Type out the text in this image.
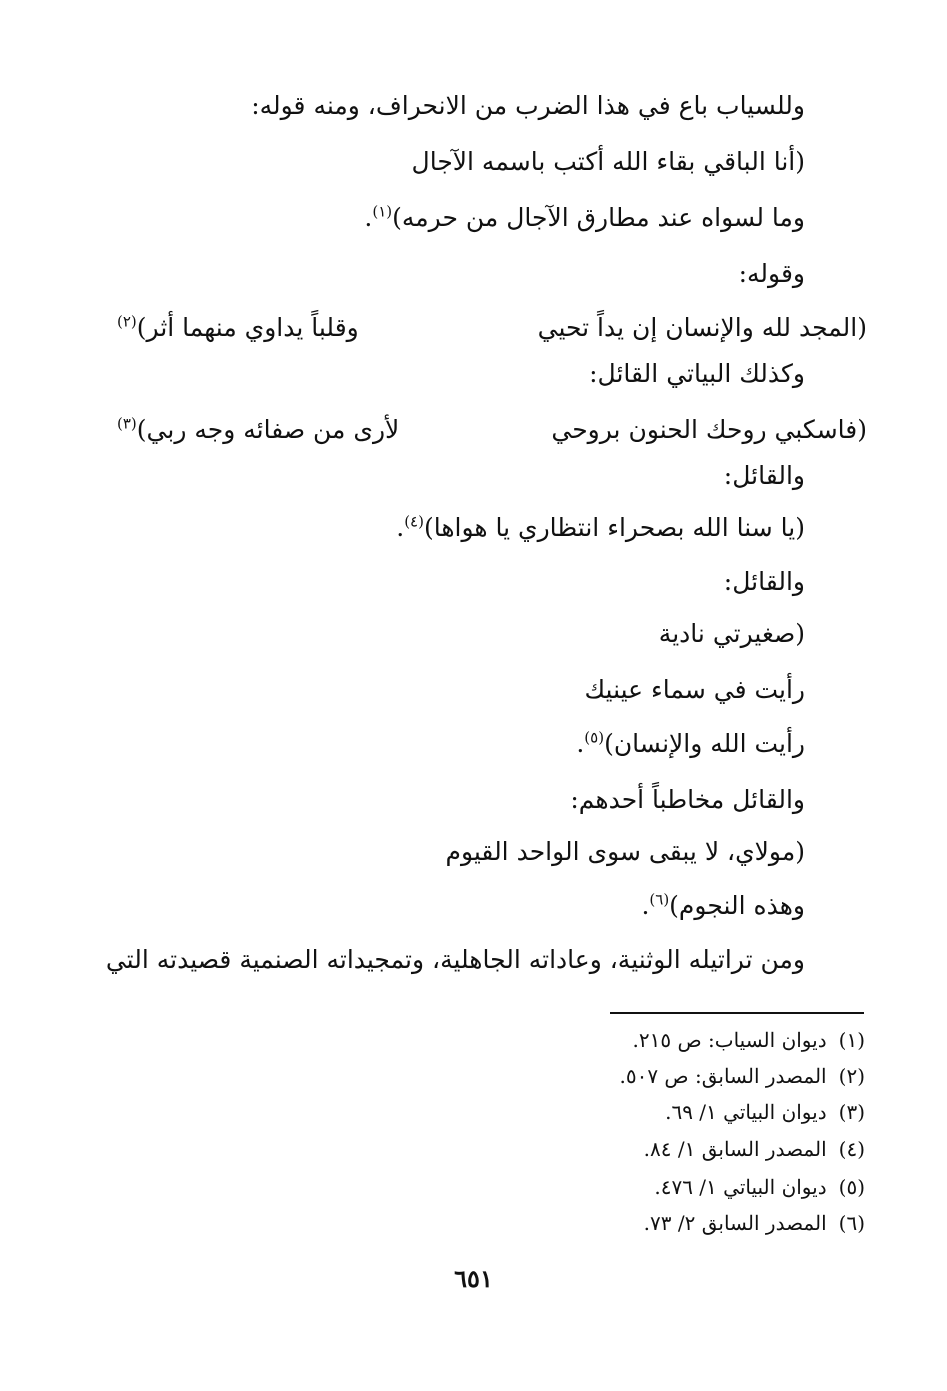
وللسياب باع في هذا الضرب من الانحراف، ومنه قوله:
(أنا الباقي بقاء الله أكتب باسمه الآجال
وما لسواه عند مطارق الآجال من حرمه)$^{(١)}$.
وقوله:
(المجد لله والإنسان إن يداً تحيي
وقلباً يداوي منهما أثر)$^{(٢)}$
وكذلك البياتي القائل:
(فاسكبي روحك الحنون بروحي
لأرى من صفائه وجه ربي)$^{(٣)}$
والقائل:
(يا سنا الله بصحراء انتظاري يا هواها)$^{(٤)}$.
والقائل:
(صغيرتي نادية
رأيت في سماء عينيك
رأيت الله والإنسان)$^{(٥)}$.
والقائل مخاطباً أحدهم:
(مولاي، لا يبقى سوى الواحد القيوم
وهذه النجوم)$^{(٦)}$.
ومن تراتيله الوثنية، وعاداته الجاهلية، وتمجيداته الصنمية قصيدته التي
(١)ديوان السياب: ص ٢١٥.
(٢)المصدر السابق: ص ٥٠٧.
(٣)ديوان البياتي ١/ ٦٩.
(٤)المصدر السابق ١/ ٨٤.
(٥)ديوان البياتي ١/ ٤٧٦.
(٦)المصدر السابق ٢/ ٧٣.
٦٥١
